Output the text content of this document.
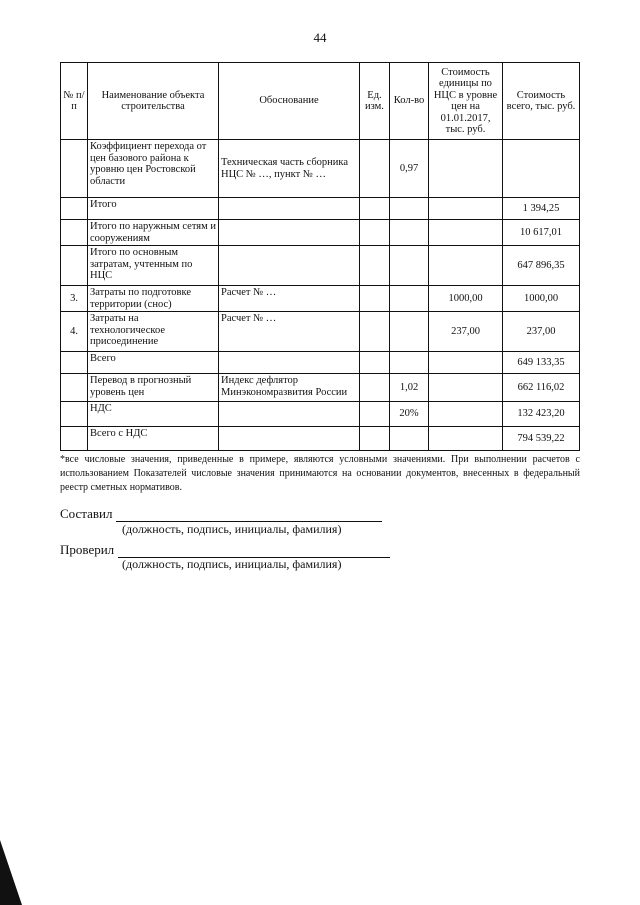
44
№ п/п	Наименование объекта строительства	Обоснование	Ед. изм.	Кол-во	Стоимость единицы по НЦС в уровне цен на 01.01.2017, тыс. руб.	Стоимость всего, тыс. руб.
	Коэффициент перехода от цен базового района к уровню цен Ростовской области	Техническая часть сборника НЦС № …, пункт № …		0,97		
	Итого					1 394,25
	Итого по наружным сетям и сооружениям					10 617,01
	Итого по основным затратам, учтенным по НЦС					647 896,35
3.	Затраты по подготовке территории (снос)	Расчет № …			1000,00	1000,00
4.	Затраты на технологическое присоединение	Расчет № …			237,00	237,00
	Всего					649 133,35
	Перевод в прогнозный уровень цен	Индекс дефлятор Минэкономразвития России		1,02		662 116,02
	НДС			20%		132 423,20
	Всего с НДС					794 539,22
*все числовые значения, приведенные в примере, являются условными значениями. При выполнении расчетов с использованием Показателей числовые значения принимаются на основании документов, внесенных в федеральный реестр сметных нормативов.
Составил
(должность, подпись, инициалы, фамилия)
Проверил
(должность, подпись, инициалы, фамилия)
